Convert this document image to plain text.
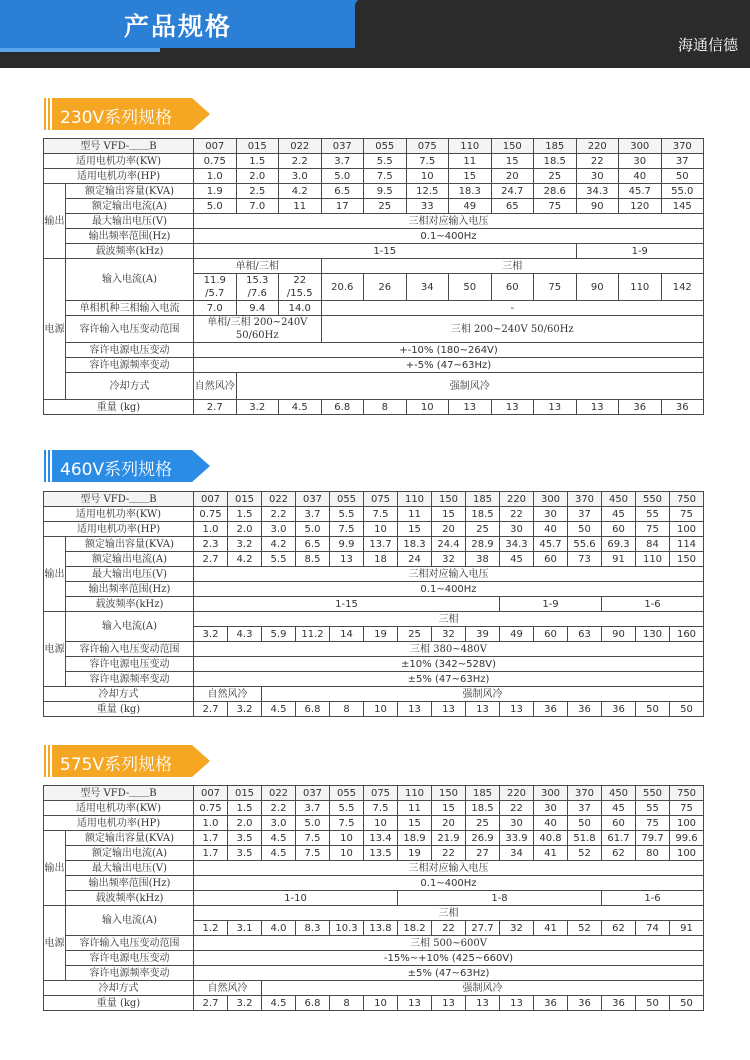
产品规格
海通信德
230V系列规格
460V系列规格
575V系列规格
型号 VFD-＿＿B		007	015	022	037	055	075	110	150	185	220	300	370
适用电机功率(KW)		0.75	1.5	2.2	3.7	5.5	7.5	11	15	18.5	22	30	37
适用电机功率(HP)		1.0	2.0	3.0	5.0	7.5	10	15	20	25	30	40	50
输出	额定输出容量(KVA)	1.9	2.5	4.2	6.5	9.5	12.5	18.3	24.7	28.6	34.3	45.7	55.0
	额定输出电流(A)	5.0	7.0	11	17	25	33	49	65	75	90	120	145
	最大输出电压(V)	三相对应输入电压											
	输出频率范围(Hz)	0.1~400Hz											
	载波频率(kHz)	1-15									1-9		
电源	输入电流(A)	单相/三相			三相								
		11.9 /5.7	15.3 /7.6	22 /15.5	20.6	26	34	50	60	75	90	110	142
	单相机种三相输入电流	7.0	9.4	14.0	-								
	容许输入电压变动范围	单相/三相 200~240V 50/60Hz			三相 200~240V 50/60Hz								
	容许电源电压变动	+-10% (180~264V)											
	容许电源频率变动	+-5% (47~63Hz)											
	冷却方式	自然风冷	强制风冷										
重量 (kg)		2.7	3.2	4.5	6.8	8	10	13	13	13	13	36	36
型号 VFD-＿＿B		007	015	022	037	055	075	110	150	185	220	300	370	450	550	750
适用电机功率(KW)		0.75	1.5	2.2	3.7	5.5	7.5	11	15	18.5	22	30	37	45	55	75
适用电机功率(HP)		1.0	2.0	3.0	5.0	7.5	10	15	20	25	30	40	50	60	75	100
输出	额定输出容量(KVA)	2.3	3.2	4.2	6.5	9.9	13.7	18.3	24.4	28.9	34.3	45.7	55.6	69.3	84	114
	额定输出电流(A)	2.7	4.2	5.5	8.5	13	18	24	32	38	45	60	73	91	110	150
	最大输出电压(V)	三相对应输入电压														
	输出频率范围(Hz)	0.1~400Hz														
	载波频率(kHz)	1-15									1-9			1-6		
电源	输入电流(A)	三相														
		3.2	4.3	5.9	11.2	14	19	25	32	39	49	60	63	90	130	160
	容许输入电压变动范围	三相 380~480V														
	容许电源电压变动	±10% (342~528V)														
	容许电源频率变动	±5% (47~63Hz)														
冷却方式		自然风冷		强制风冷												
重量 (kg)		2.7	3.2	4.5	6.8	8	10	13	13	13	13	36	36	36	50	50
型号 VFD-＿＿B		007	015	022	037	055	075	110	150	185	220	300	370	450	550	750
适用电机功率(KW)		0.75	1.5	2.2	3.7	5.5	7.5	11	15	18.5	22	30	37	45	55	75
适用电机功率(HP)		1.0	2.0	3.0	5.0	7.5	10	15	20	25	30	40	50	60	75	100
输出	额定输出容量(KVA)	1.7	3.5	4.5	7.5	10	13.4	18.9	21.9	26.9	33.9	40.8	51.8	61.7	79.7	99.6
	额定输出电流(A)	1.7	3.5	4.5	7.5	10	13.5	19	22	27	34	41	52	62	80	100
	最大输出电压(V)	三相对应输入电压														
	输出频率范围(Hz)	0.1~400Hz														
	载波频率(kHz)	1-10						1-8						1-6		
电源	输入电流(A)	三相														
		1.2	3.1	4.0	8.3	10.3	13.8	18.2	22	27.7	32	41	52	62	74	91
	容许输入电压变动范围	三相 500~600V														
	容许电源电压变动	-15%~+10% (425~660V)														
	容许电源频率变动	±5% (47~63Hz)														
冷却方式		自然风冷		强制风冷												
重量 (kg)		2.7	3.2	4.5	6.8	8	10	13	13	13	13	36	36	36	50	50
